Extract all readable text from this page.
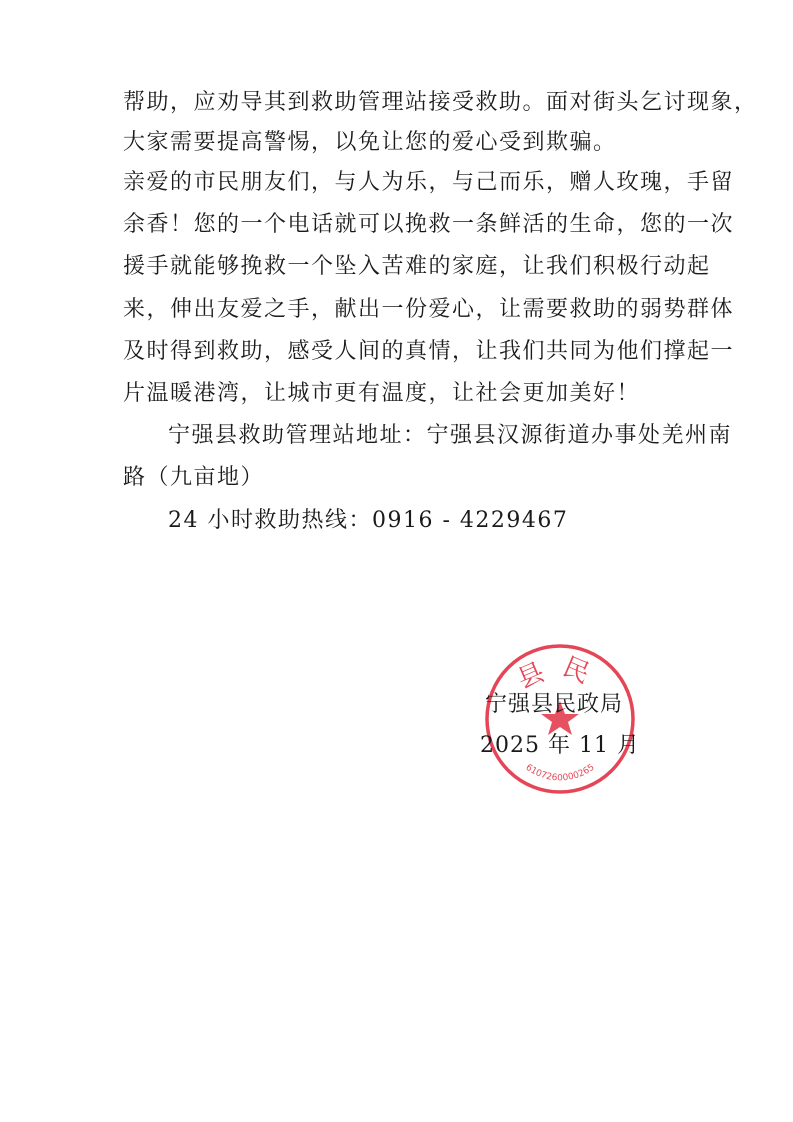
帮助，应劝导其到救助管理站接受救助。面对街头乞讨现象，
大家需要提高警惕，以免让您的爱心受到欺骗。
亲爱的市民朋友们，与人为乐，与己而乐，赠人玫瑰，手留
余香！您的一个电话就可以挽救一条鲜活的生命，您的一次
援手就能够挽救一个坠入苦难的家庭，让我们积极行动起
来，伸出友爱之手，献出一份爱心，让需要救助的弱势群体
及时得到救助，感受人间的真情，让我们共同为他们撑起一
片温暖港湾，让城市更有温度，让社会更加美好！
宁强县救助管理站地址：宁强县汉源街道办事处羌州南
路（九亩地）
24 小时救助热线：0916 - 4229467
县民
6107260000265
宁强县民政局
2025 年 11 月
